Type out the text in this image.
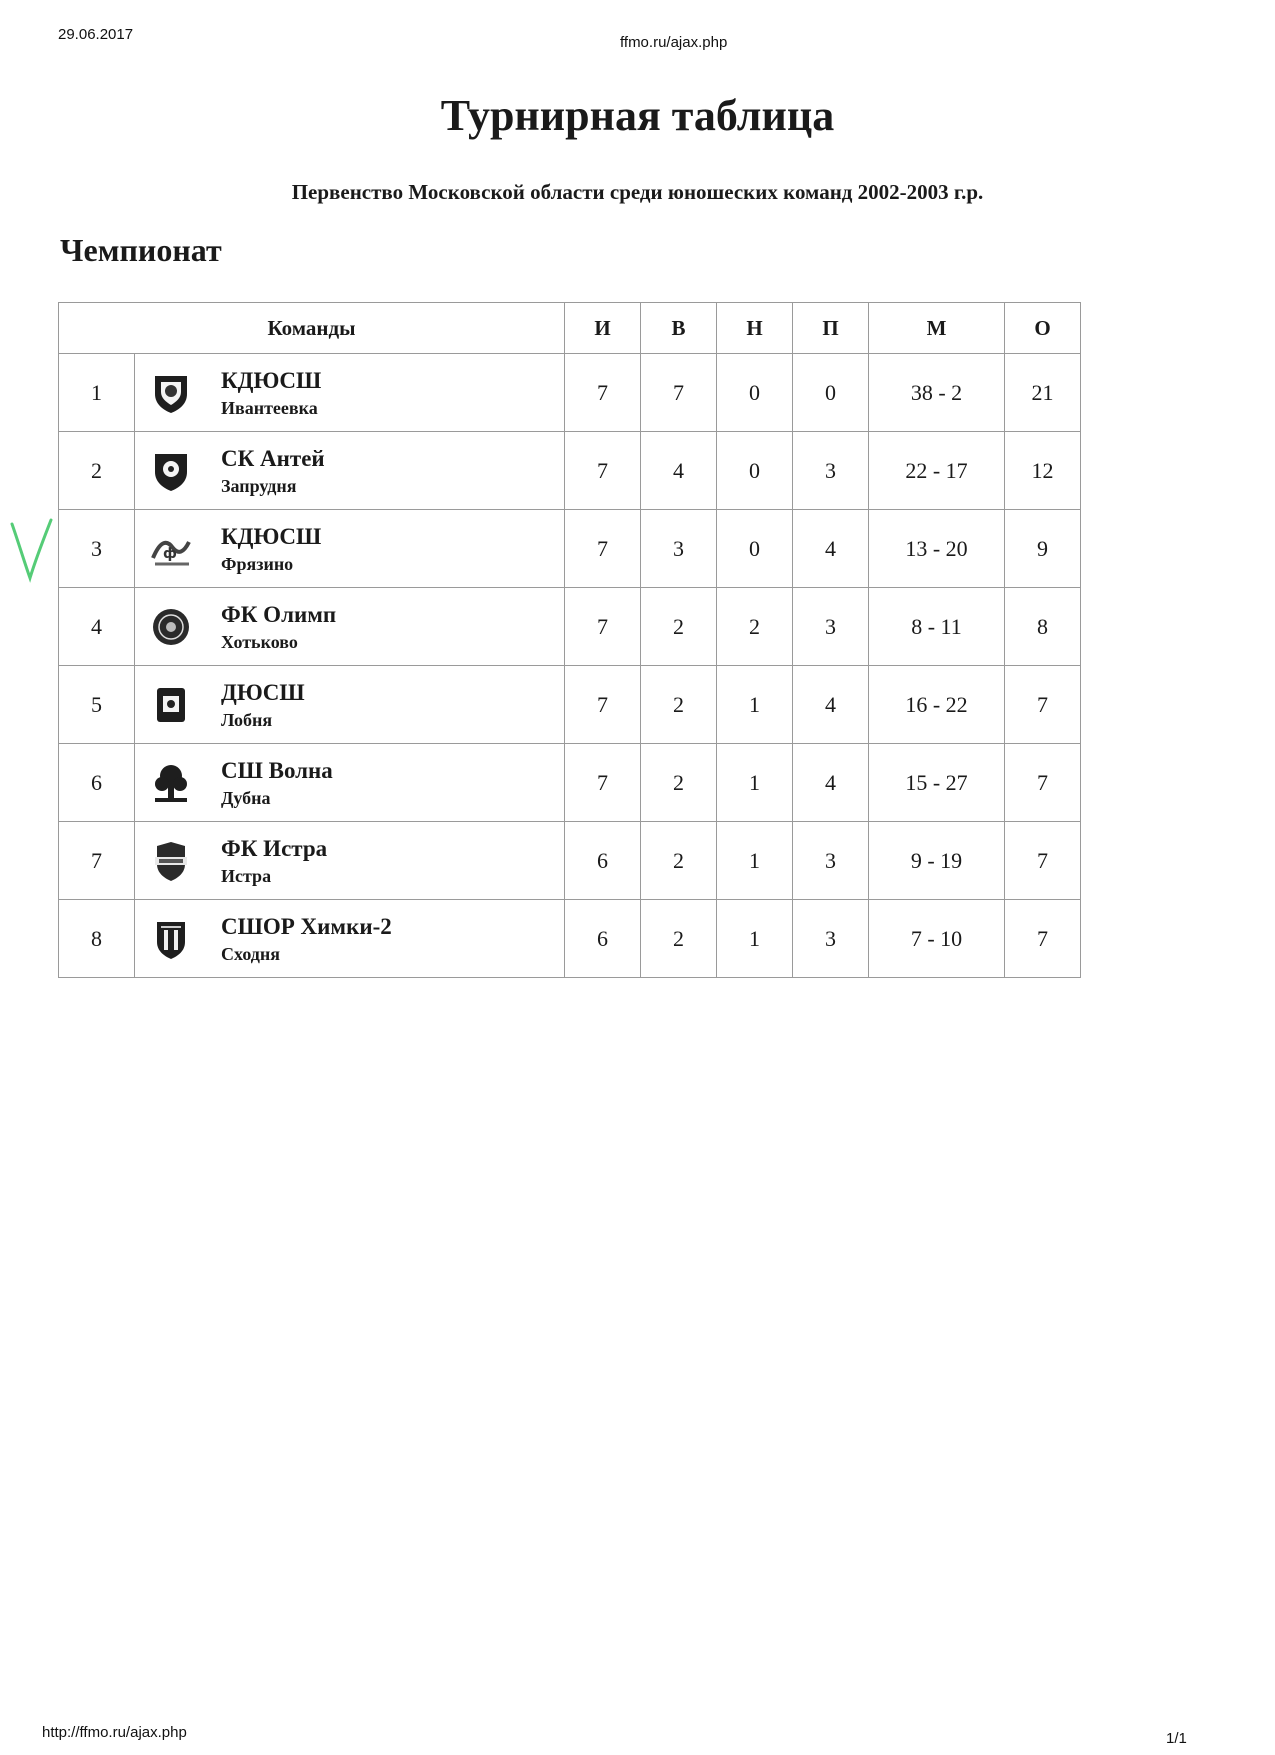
29.06.2017	ffmo.ru/ajax.php
Турнирная таблица
Первенство Московской области среди юношеских команд 2002-2003 г.р.
Чемпионат
Команды		И	В	Н	П	М	О
1	КДЮСШ
Ивантеевка	7	7	0	0	38 - 2	21
2	СК Антей
Запрудня	7	4	0	3	22 - 17	12
3	ф
КДЮСШ
Фрязино	7	3	0	4	13 - 20	9
4	ФК Олимп
Хотьково	7	2	2	3	8 - 11	8
5	ДЮСШ
Лобня	7	2	1	4	16 - 22	7
6	СШ Волна
Дубна	7	2	1	4	15 - 27	7
7	ФК Истра
Истра	6	2	1	3	9 - 19	7
8	СШОР Химки-2
Сходня	6	2	1	3	7 - 10	7
http://ffmo.ru/ajax.php	1/1
